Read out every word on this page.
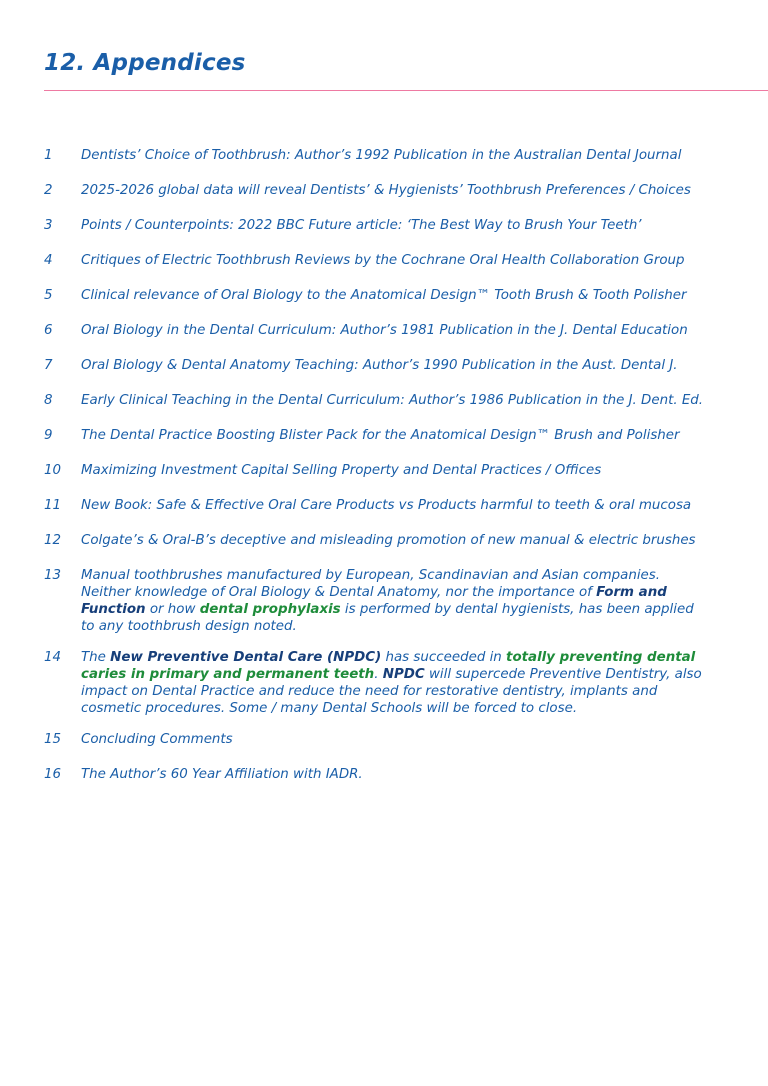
12. Appendices
1 Dentists’ Choice of Toothbrush: Author’s 1992 Publication in the Australian Dental Journal
2 2025-2026 global data will reveal Dentists’ & Hygienists’ Toothbrush Preferences / Choices
3 Points / Counterpoints: 2022 BBC Future article: ‘The Best Way to Brush Your Teeth’
4 Critiques of Electric Toothbrush Reviews by the Cochrane Oral Health Collaboration Group
5 Clinical relevance of Oral Biology to the Anatomical Design™ Tooth Brush & Tooth Polisher
6 Oral Biology in the Dental Curriculum: Author’s 1981 Publication in the J. Dental Education
7 Oral Biology & Dental Anatomy Teaching: Author’s 1990 Publication in the Aust. Dental J.
8 Early Clinical Teaching in the Dental Curriculum: Author’s 1986 Publication in the J. Dent. Ed.
9 The Dental Practice Boosting Blister Pack for the Anatomical Design™ Brush and Polisher
10 Maximizing Investment Capital Selling Property and Dental Practices / Offices
11 New Book: Safe & Effective Oral Care Products vs Products harmful to teeth & oral mucosa
12 Colgate’s & Oral-B’s deceptive and misleading promotion of new manual & electric brushes
13 Manual toothbrushes manufactured by European, Scandinavian and Asian companies. Neither knowledge of Oral Biology & Dental Anatomy, nor the importance of Form and Function or how dental prophylaxis is performed by dental hygienists, has been applied to any toothbrush design noted.
14 The New Preventive Dental Care (NPDC) has succeeded in totally preventing dental caries in primary and permanent teeth. NPDC will supercede Preventive Dentistry, also impact on Dental Practice and reduce the need for restorative dentistry, implants and cosmetic procedures. Some / many Dental Schools will be forced to close.
15 Concluding Comments
16 The Author’s 60 Year Affiliation with IADR.
